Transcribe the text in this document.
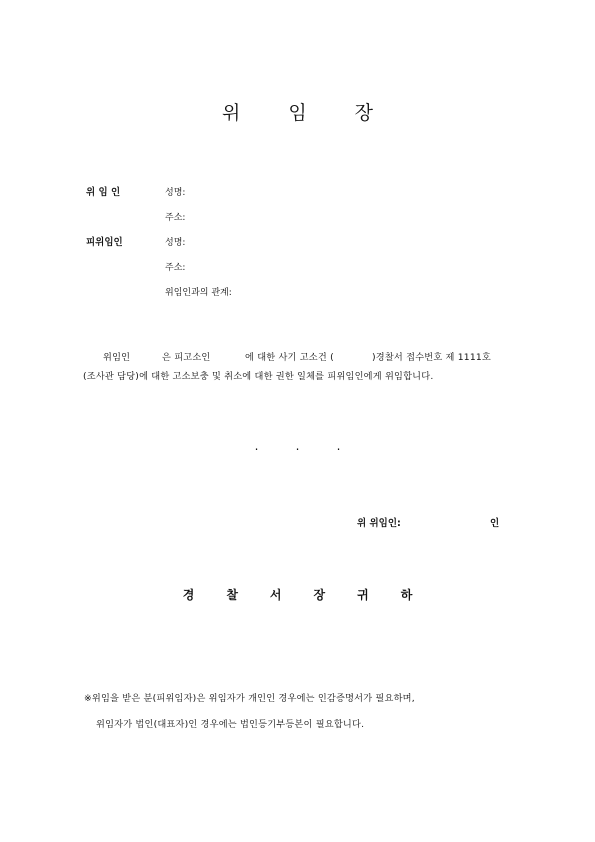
위	임	장
위 임 인	성명:
주소:
피위임인	성명:
주소:
위임인과의 관계:
위임인	은 피고소인	에 대한 사기 고소건 (	)경찰서 접수번호 제 1111호
(조사관 담당)에 대한 고소보충 및 취소에 대한 권한 일체를 피위임인에게 위임합니다.
.	.	.
위 위임인:	인
경	찰	서	장	귀	하
※위임을 받은 분(피위임자)은 위임자가 개인인 경우에는 인감증명서가 필요하며,
위임자가 법인(대표자)인 경우에는 법인등기부등본이 필요합니다.
